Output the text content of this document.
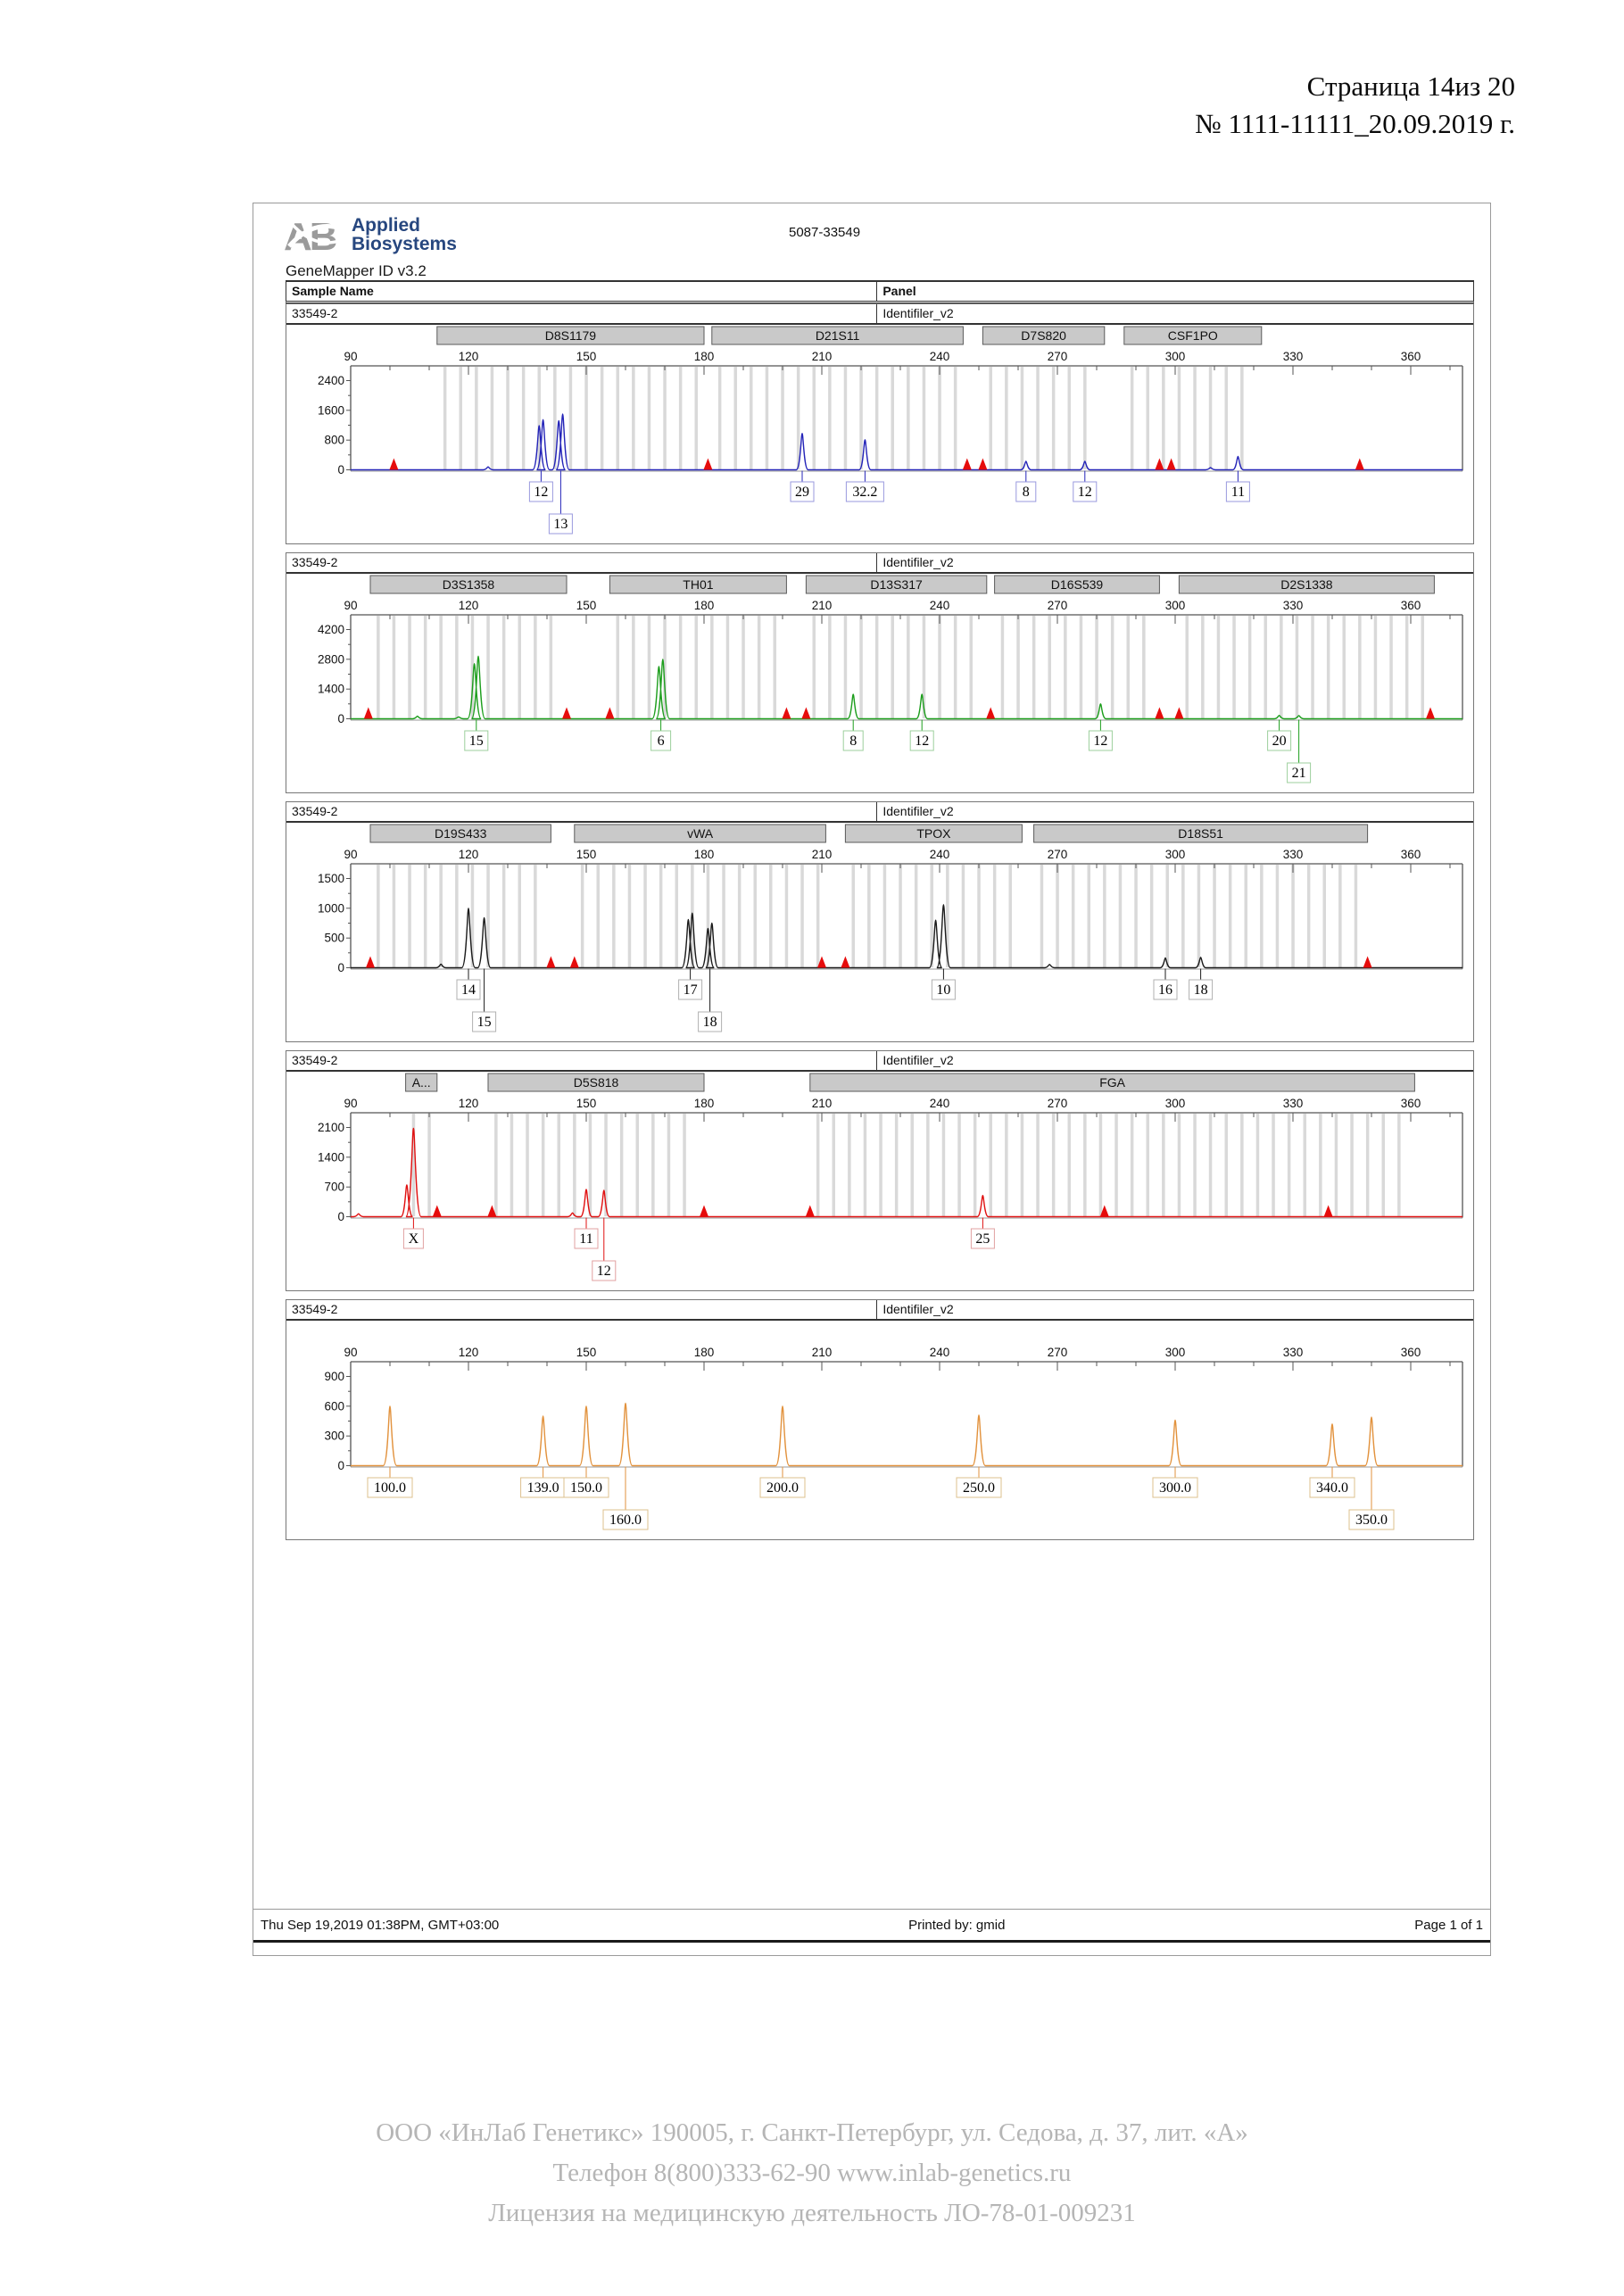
Страница 14из 20
№ 1111-11111_20.09.2019 г.
AB Applied
Biosystems
GeneMapper ID v3.2
5087-33549
Sample Name	Panel
33549-2	Identifiler_v2
D8S1179	D21S11	D7S820	CSF1PO
90	120	150	180	210	240	270	300	330	360
2400
1600
800
0
12
13
29	32.2	8	12	11
33549-2	Identifiler_v2
D3S1358	TH01	D13S317	D16S539	D2S1338
90	120	150	180	210	240	270	300	330	360
4200
2800
1400
0
15	6	8	12	12	20
21
33549-2	Identifiler_v2
D19S433	vWA	TPOX	D18S51
90	120	150	180	210	240	270	300	330	360
1500
1000
500
0
14
15
17
18
10	16 18
33549-2	Identifiler_v2
A...	D5S818	FGA
90	120	150	180	210	240	270	300	330	360
2100
1400
700
0
X	11
12
25
33549-2	Identifiler_v2
90	120	150	180	210	240	270	300	330	360
900
600
300
0
100.0	139.0 150.0
160.0
200.0	250.0	300.0	340.0
350.0
Thu Sep 19,2019 01:38PM, GMT+03:00	Printed by: gmid	Page 1 of 1
ООО «ИнЛаб Генетикс» 190005, г. Санкт-Петербург, ул. Седова, д. 37, лит. «А»
Телефон 8(800)333-62-90 www.inlab-genetics.ru
Лицензия на медицинскую деятельность ЛО-78-01-009231
